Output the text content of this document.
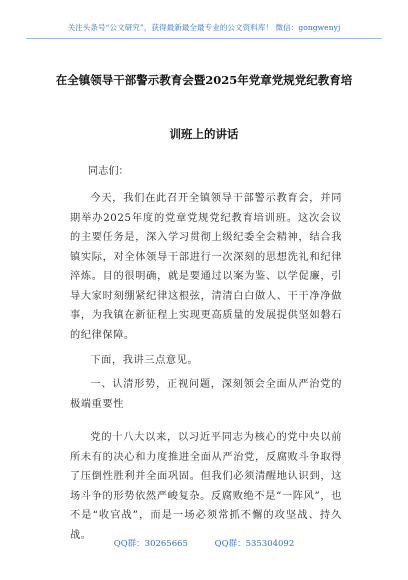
关注头条号“公文研究”，获得最新最全最专业的公文资料库！ 微信：gongwenyj
在全镇领导干部警示教育会暨2025年党章党规党纪教育培
训班上的讲话
同志们：
今天，我们在此召开全镇领导干部警示教育会，并同期举办2025年度的党章党规党纪教育培训班。这次会议的主要任务是，深入学习贯彻上级纪委全会精神，结合我镇实际，对全体领导干部进行一次深刻的思想洗礼和纪律淬炼。目的很明确，就是要通过以案为鉴、以学促廉，引导大家时刻绷紧纪律这根弦，清清白白做人、干干净净做事，为我镇在新征程上实现更高质量的发展提供坚如磐石的纪律保障。
下面，我讲三点意见。
一、认清形势，正视问题，深刻领会全面从严治党的极端重要性
党的十八大以来，以习近平同志为核心的党中央以前所未有的决心和力度推进全面从严治党，反腐败斗争取得了压倒性胜利并全面巩固。但我们必须清醒地认识到，这场斗争的形势依然严峻复杂。反腐败绝不是“一阵风”，也不是“收官战”，而是一场必须常抓不懈的攻坚战、持久战。
QQ群：30265665	QQ群：535304092
